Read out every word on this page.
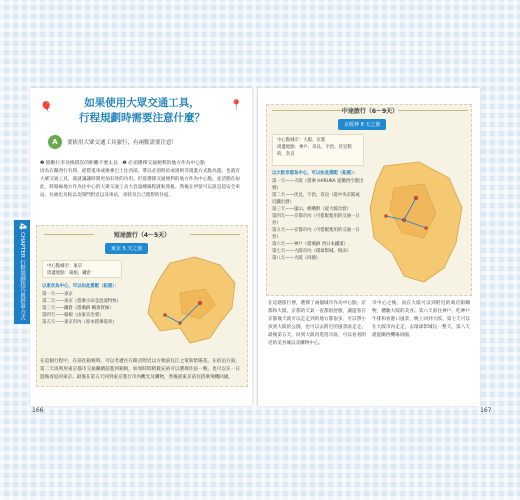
4
CHAPTER 行程規劃技巧與搭車方式
🎈	📍
如果使用大眾交通工具，
行程規劃時需要注意什麼？
A	要依用大眾交通工具旅行，有兩點需要注意！
❶ 移動行李及換搭次的距離不要太長 ❷ 必須選擇交通便利的地方作為中心點
因為在關西行有時，從搭電車或換乘巴士往西部，帶以必須時於或規則非規畫方式點為遊。也就有大眾交通工具，就就讓讓時間更加有效的功用。但從選擇交通便利的地方作為中心點，並活動在如此，將路線地方作為往中心的大眾交通工具大容量總線程就較寬鬆。然後在停留可以說是超安全車站。住處也及較以及開門附近以及車站，尋找及自己理想的住宿。
短途旅行（4～5天）
東京 5 天之旅
中心點城市：東京
周邊地點：箱根、鎌倉
以東京為中心，可以如此搭配（拓展）：
第一天——東京
第二天——東京（搭乘小田急浪漫特快）
第三天——鎌倉（搭乘JR 橫須賀線）
第四天——箱根（由東京出發）
第五天——東京市內（原本搭乘電車）
在這個行程中，在前往箱根時，可以考慮住在飯店附近以方便前往江之電和紫陽花。在宿泊方面，第二天再利用東京都市交通繼續前進到箱根，如果時間稍微充裕可以選擇住宿一晚，也可以在一日遊後再返回東京。最後在第五天回到東京進行市內觀光及購物，然後從東京前往搭乘飛機回國。
166
中途旅行（6～9天）
京阪神 8 天之旅
中心點城市：大阪、京都
周邊地點：神戶、奈良、宇治、伏見稻荷、奈良
以大阪京都為中心，可以如此搭配（拓展）：
第一天——大阪（搭乘 HARUKA 從關西空港出發）
第二天——伏見、宇治、奈良（從中央京阪或近鐵出發）
第三天——嵐山、嵯峨野（從大阪出發）
第四天——京都市內（可搭配使用的交通一日券）
第五天——京都市內（可搭配使用的交通一日券）
第六天——神戶（搭乘JR 西日本鐵道）
第七天——大阪市內（環球影城、梅田）
第八天——大阪（回國）
在這趟旅行裡，選擇了兩個城市作為中心點，京都和大阪。京都的天氣一直都很舒服，讓遊客在京都幾天就可以走走到的地方都很多，可以帶小孩到大阪的公園，也可以去附近的風景區走走。最後第五天，回到大阪再逛逛市區，可以看看附近的美食城以及購物中心。
市中心之後，而在大阪可以到附近的商店街購物，體驗大阪的美食。第六天前往神戶，吃神戶牛排和看港口風景，晚上回到大阪。第七天可以在大阪市內走走，去環球影城玩一整天。第八天就從關西機場回國。
167
